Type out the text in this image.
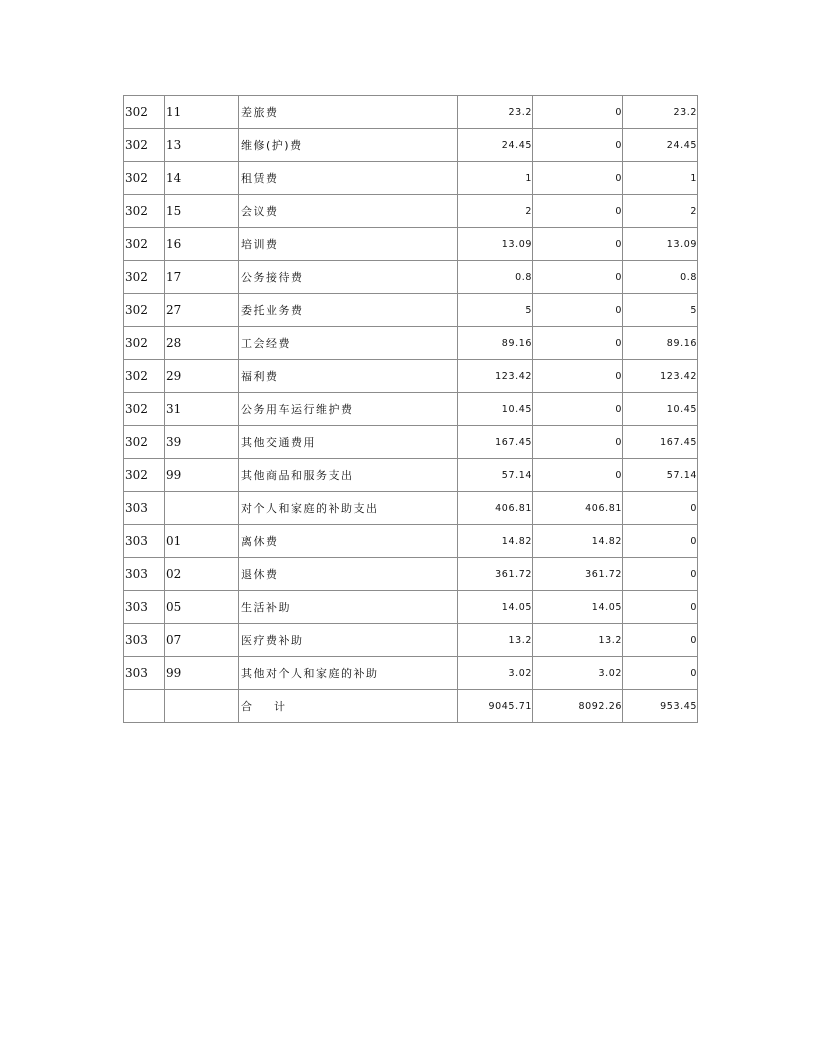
302	11	差旅费	23.2	0	23.2
302	13	维修(护)费	24.45	0	24.45
302	14	租赁费	1	0	1
302	15	会议费	2	0	2
302	16	培训费	13.09	0	13.09
302	17	公务接待费	0.8	0	0.8
302	27	委托业务费	5	0	5
302	28	工会经费	89.16	0	89.16
302	29	福利费	123.42	0	123.42
302	31	公务用车运行维护费	10.45	0	10.45
302	39	其他交通费用	167.45	0	167.45
302	99	其他商品和服务支出	57.14	0	57.14
303		对个人和家庭的补助支出	406.81	406.81	0
303	01	离休费	14.82	14.82	0
303	02	退休费	361.72	361.72	0
303	05	生活补助	14.05	14.05	0
303	07	医疗费补助	13.2	13.2	0
303	99	其他对个人和家庭的补助	3.02	3.02	0
		合 计	9045.71	8092.26	953.45
